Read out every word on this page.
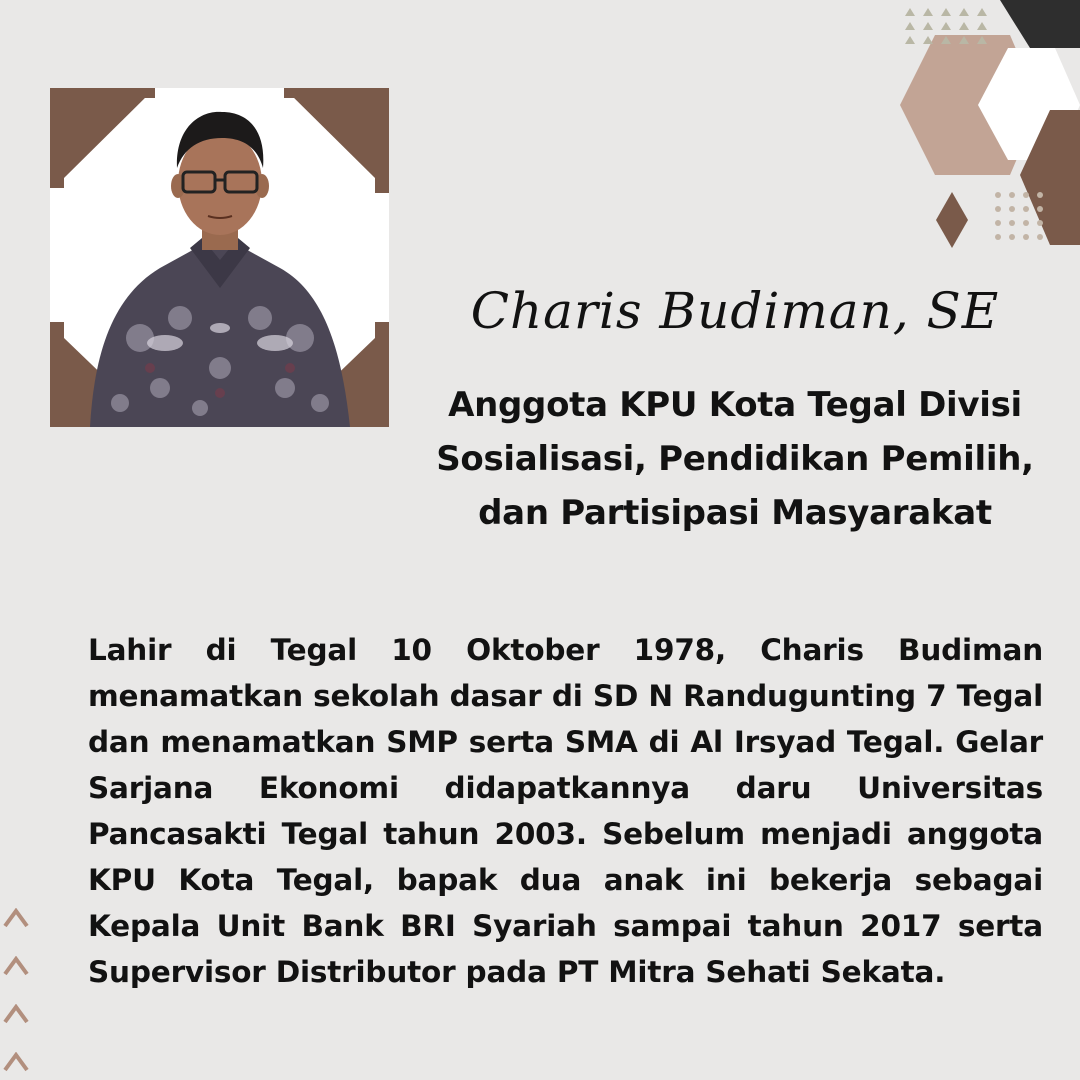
Charis Budiman, SE
Anggota KPU Kota Tegal Divisi
Sosialisasi, Pendidikan Pemilih,
dan Partisipasi Masyarakat
Lahir di Tegal 10 Oktober 1978, Charis Budiman menamatkan sekolah dasar di SD N Randugunting 7 Tegal dan menamatkan SMP serta SMA di Al Irsyad Tegal. Gelar Sarjana Ekonomi didapatkannya daru Universitas Pancasakti Tegal tahun 2003. Sebelum menjadi anggota KPU Kota Tegal, bapak dua anak ini bekerja sebagai Kepala Unit Bank BRI Syariah sampai tahun 2017 serta Supervisor Distributor pada PT Mitra Sehati Sekata.
